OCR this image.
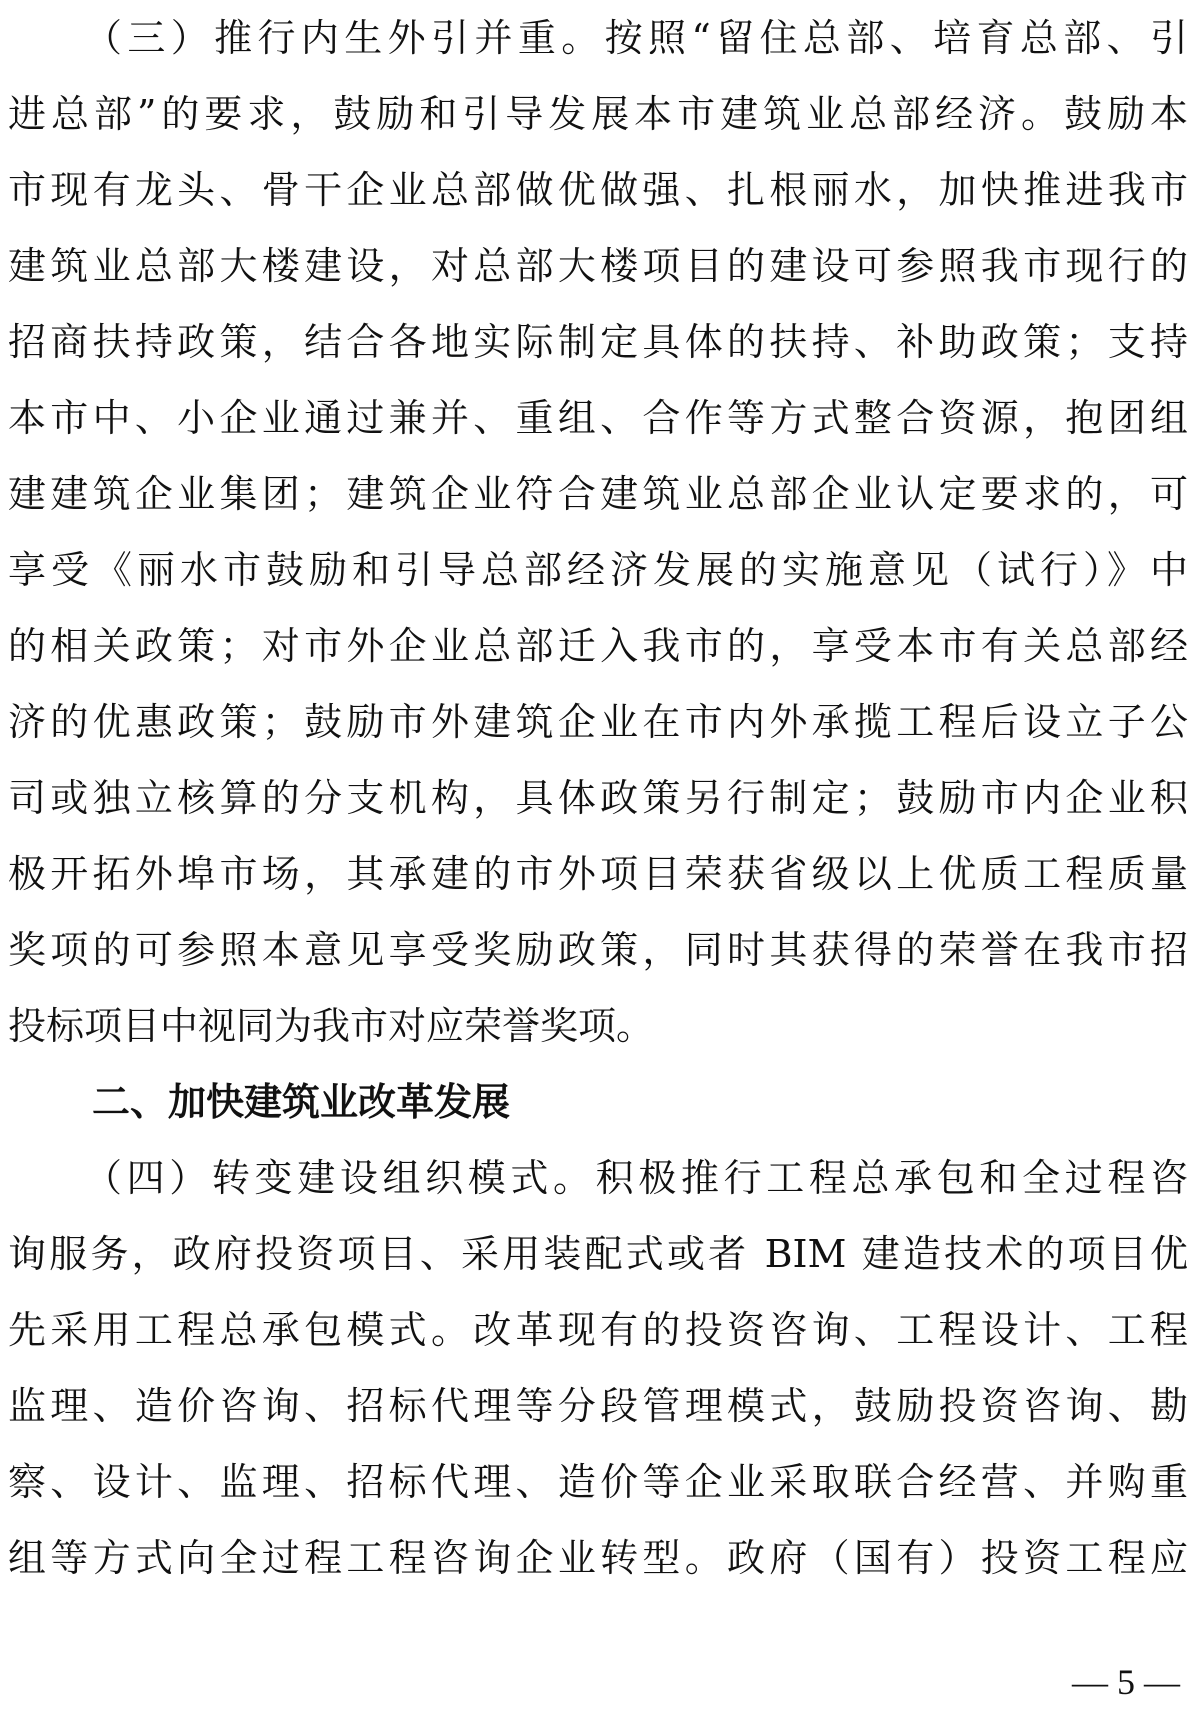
（三）推行内生外引并重。按照“留住总部、培育总部、引
进总部”的要求，鼓励和引导发展本市建筑业总部经济。鼓励本
市现有龙头、骨干企业总部做优做强、扎根丽水，加快推进我市
建筑业总部大楼建设，对总部大楼项目的建设可参照我市现行的
招商扶持政策，结合各地实际制定具体的扶持、补助政策；支持
本市中、小企业通过兼并、重组、合作等方式整合资源，抱团组
建建筑企业集团；建筑企业符合建筑业总部企业认定要求的，可
享受《丽水市鼓励和引导总部经济发展的实施意见（试行）》中
的相关政策；对市外企业总部迁入我市的，享受本市有关总部经
济的优惠政策；鼓励市外建筑企业在市内外承揽工程后设立子公
司或独立核算的分支机构，具体政策另行制定；鼓励市内企业积
极开拓外埠市场，其承建的市外项目荣获省级以上优质工程质量
奖项的可参照本意见享受奖励政策，同时其获得的荣誉在我市招
投标项目中视同为我市对应荣誉奖项。
二、加快建筑业改革发展
（四）转变建设组织模式。积极推行工程总承包和全过程咨
询服务，政府投资项目、采用装配式或者 BIM 建造技术的项目优
先采用工程总承包模式。改革现有的投资咨询、工程设计、工程
监理、造价咨询、招标代理等分段管理模式，鼓励投资咨询、勘
察、设计、监理、招标代理、造价等企业采取联合经营、并购重
组等方式向全过程工程咨询企业转型。政府（国有）投资工程应
— 5 —
